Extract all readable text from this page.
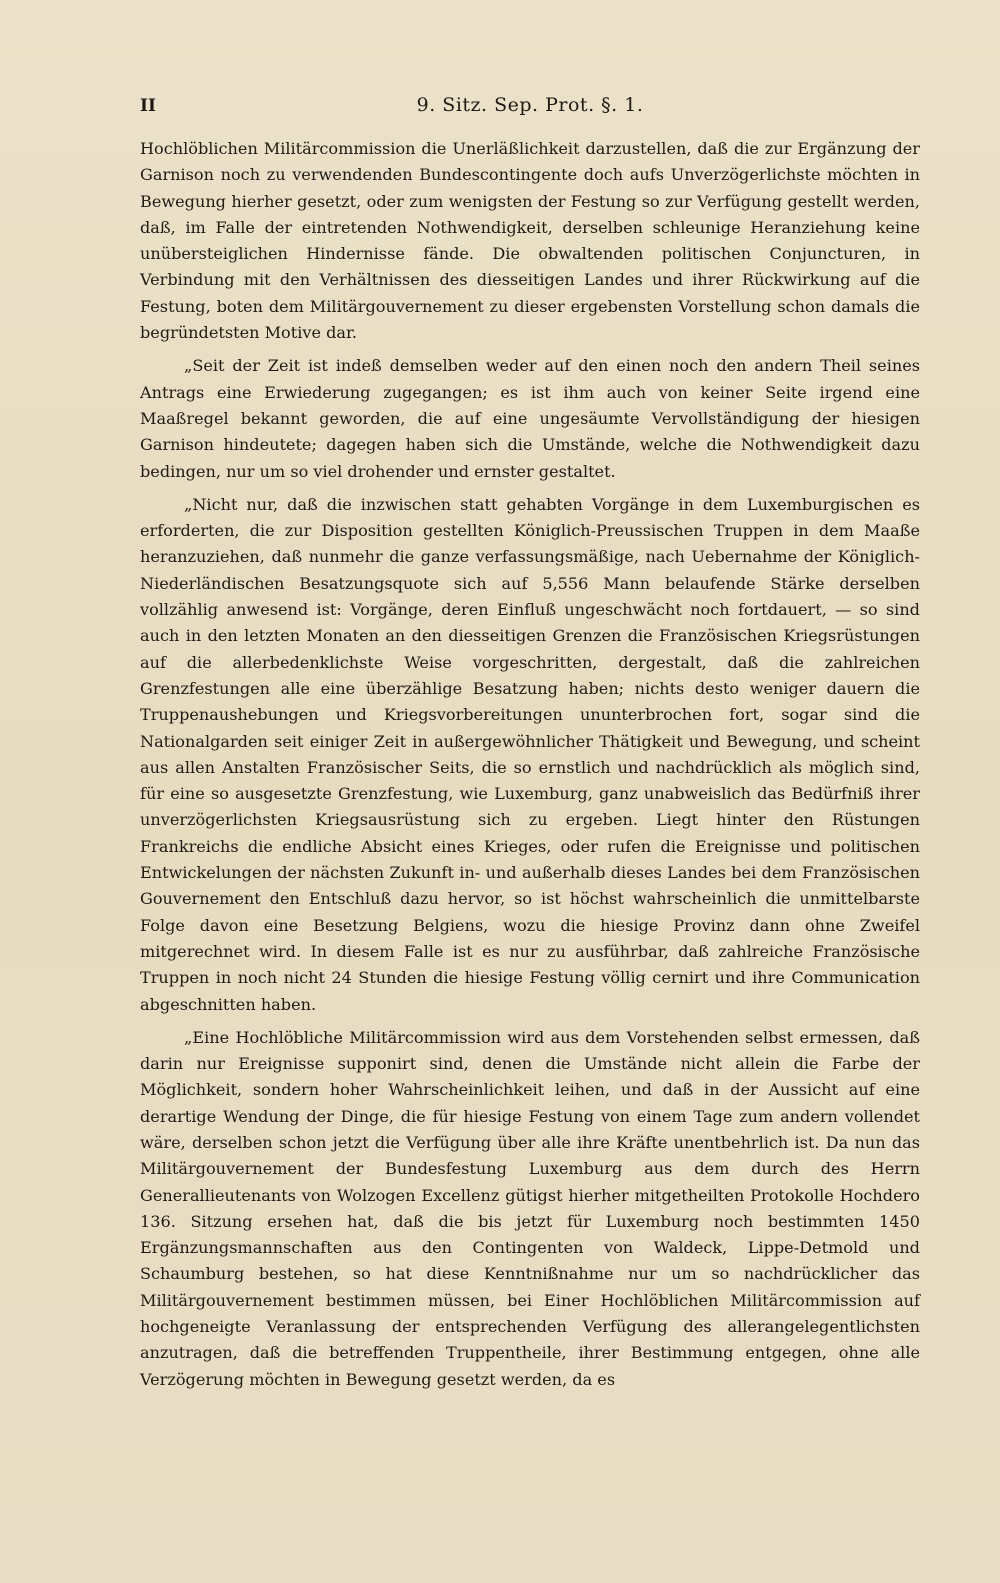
II	9. Sitz. Sep. Prot. §. 1.

Hochlöblichen Militärcommission die Unerläßlichkeit darzustellen, daß die zur Ergänzung der Garnison noch zu verwendenden Bundescontingente doch aufs Unverzögerlichste möchten in Bewegung hierher gesetzt, oder zum wenigsten der Festung so zur Verfügung gestellt werden, daß, im Falle der eintretenden Nothwendigkeit, derselben schleunige Heranziehung keine unübersteiglichen Hindernisse fände. Die obwaltenden politischen Conjuncturen, in Verbindung mit den Verhältnissen des diesseitigen Landes und ihrer Rückwirkung auf die Festung, boten dem Militärgouvernement zu dieser ergebensten Vorstellung schon damals die begründetsten Motive dar.

„Seit der Zeit ist indeß demselben weder auf den einen noch den andern Theil seines Antrags eine Erwiederung zugegangen; es ist ihm auch von keiner Seite irgend eine Maaßregel bekannt geworden, die auf eine ungesäumte Vervollständigung der hiesigen Garnison hindeutete; dagegen haben sich die Umstände, welche die Nothwendigkeit dazu bedingen, nur um so viel drohender und ernster gestaltet.

„Nicht nur, daß die inzwischen statt gehabten Vorgänge in dem Luxemburgischen es erforderten, die zur Disposition gestellten Königlich-Preussischen Truppen in dem Maaße heranzuziehen, daß nunmehr die ganze verfassungsmäßige, nach Uebernahme der Königlich-Niederländischen Besatzungsquote sich auf 5,556 Mann belaufende Stärke derselben vollzählig anwesend ist: Vorgänge, deren Einfluß ungeschwächt noch fortdauert, — so sind auch in den letzten Monaten an den diesseitigen Grenzen die Französischen Kriegsrüstungen auf die allerbedenklichste Weise vorgeschritten, dergestalt, daß die zahlreichen Grenzfestungen alle eine überzählige Besatzung haben; nichts desto weniger dauern die Truppenaushebungen und Kriegsvorbereitungen ununterbrochen fort, sogar sind die Nationalgarden seit einiger Zeit in außergewöhnlicher Thätigkeit und Bewegung, und scheint aus allen Anstalten Französischer Seits, die so ernstlich und nachdrücklich als möglich sind, für eine so ausgesetzte Grenzfestung, wie Luxemburg, ganz unabweislich das Bedürfniß ihrer unverzögerlichsten Kriegsausrüstung sich zu ergeben. Liegt hinter den Rüstungen Frankreichs die endliche Absicht eines Krieges, oder rufen die Ereignisse und politischen Entwickelungen der nächsten Zukunft in- und außerhalb dieses Landes bei dem Französischen Gouvernement den Entschluß dazu hervor, so ist höchst wahrscheinlich die unmittelbarste Folge davon eine Besetzung Belgiens, wozu die hiesige Provinz dann ohne Zweifel mitgerechnet wird. In diesem Falle ist es nur zu ausführbar, daß zahlreiche Französische Truppen in noch nicht 24 Stunden die hiesige Festung völlig cernirt und ihre Communication abgeschnitten haben.

„Eine Hochlöbliche Militärcommission wird aus dem Vorstehenden selbst ermessen, daß darin nur Ereignisse supponirt sind, denen die Umstände nicht allein die Farbe der Möglichkeit, sondern hoher Wahrscheinlichkeit leihen, und daß in der Aussicht auf eine derartige Wendung der Dinge, die für hiesige Festung von einem Tage zum andern vollendet wäre, derselben schon jetzt die Verfügung über alle ihre Kräfte unentbehrlich ist. Da nun das Militärgouvernement der Bundesfestung Luxemburg aus dem durch des Herrn Generallieutenants von Wolzogen Excellenz gütigst hierher mitgetheilten Protokolle Hochdero 136. Sitzung ersehen hat, daß die bis jetzt für Luxemburg noch bestimmten 1450 Ergänzungsmannschaften aus den Contingenten von Waldeck, Lippe-Detmold und Schaumburg bestehen, so hat diese Kenntnißnahme nur um so nachdrücklicher das Militärgouvernement bestimmen müssen, bei Einer Hochlöblichen Militärcommission auf hochgeneigte Veranlassung der entsprechenden Verfügung des allerangelegentlichsten anzutragen, daß die betreffenden Truppentheile, ihrer Bestimmung entgegen, ohne alle Verzögerung möchten in Bewegung gesetzt werden, da es
